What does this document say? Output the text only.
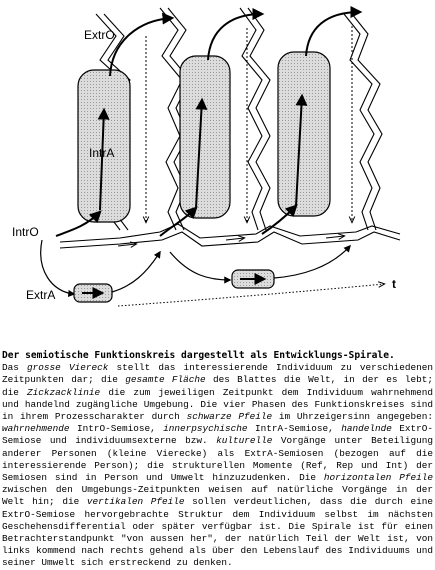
ExtrO
IntrA
IntrO
ExtrA
t
Der semiotische Funktionskreis dargestellt als Entwicklungs-Spirale.

Das grosse Viereck stellt das interessierende Individuum zu verschiedenen Zeitpunkten dar; die gesamte Fläche des Blattes die Welt, in der es lebt; die Zickzacklinie die zum jeweiligen Zeitpunkt dem Individuum wahrnehmend und handelnd zugängliche Umgebung. Die vier Phasen des Funktionskreises sind in ihrem Prozesscharakter durch schwarze Pfeile im Uhrzeigersinn angegeben: wahrnehmende IntrO-Semiose, innerpsychische IntrA-Semiose, handelnde ExtrO-Semiose und individuumsexterne bzw. kulturelle Vorgänge unter Beteiligung anderer Personen (kleine Vierecke) als ExtrA-Semiosen (bezogen auf die interessierende Person); die strukturellen Momente (Ref, Rep und Int) der Semiosen sind in Person und Umwelt hinzuzudenken. Die horizontalen Pfeile zwischen den Umgebungs-Zeitpunkten weisen auf natürliche Vorgänge in der Welt hin; die vertikalen Pfeile sollen verdeutlichen, dass die durch eine ExtrO-Semiose hervorgebrachte Struktur dem Individuum selbst im nächsten Geschehensdifferential oder später verfügbar ist. Die Spirale ist für einen Betrachterstandpunkt "von aussen her", der natürlich Teil der Welt ist, von links kommend nach rechts gehend als über den Lebenslauf des Individuums und seiner Umwelt sich erstreckend zu denken.
